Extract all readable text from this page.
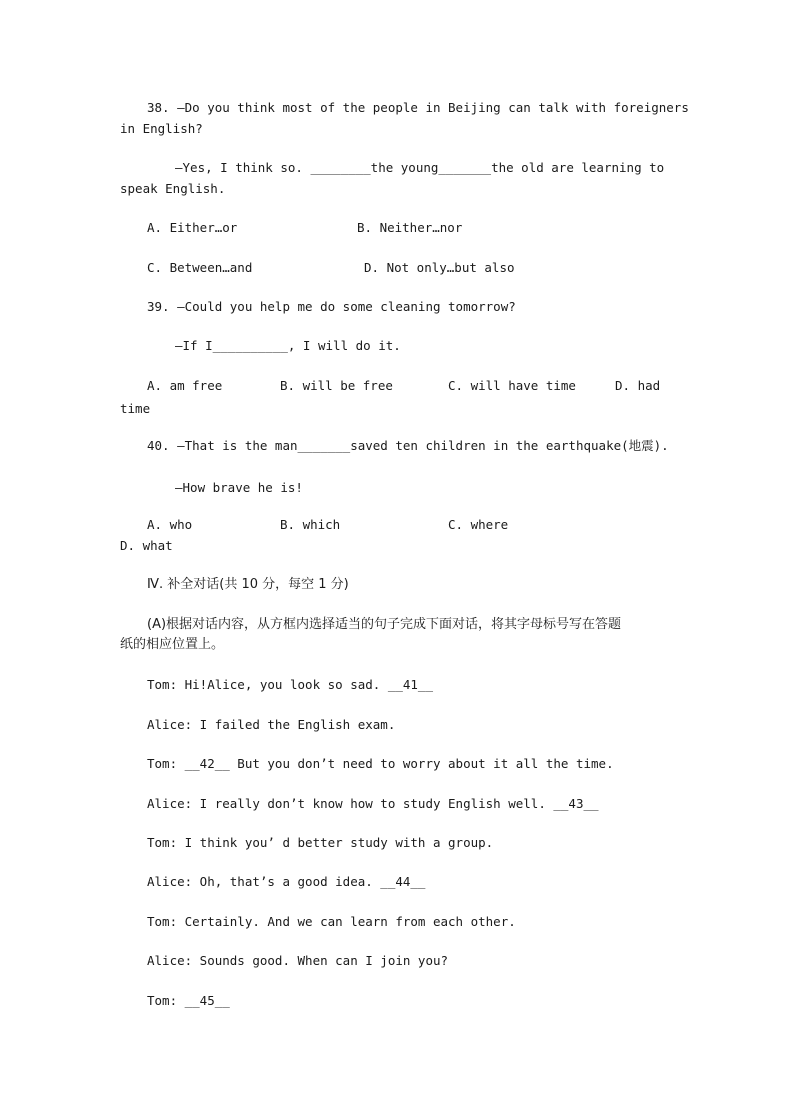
38. —Do you think most of the people in Beijing can talk with foreigners
in English?
—Yes, I think so. ________the young_______the old are learning to
speak English.
A. Either…or	B. Neither…nor
C. Between…and	D. Not only…but also
39. —Could you help me do some cleaning tomorrow?
—If I__________, I will do it.
A. am free	B. will be free	C. will have time	D. had
time
40. —That is the man_______saved ten children in the earthquake(地震).
—How brave he is!
A. who	B. which	C. where
D. what
Ⅳ. 补全对话(共 10 分，每空 1 分)
(A)根据对话内容，从方框内选择适当的句子完成下面对话，将其字母标号写在答题
纸的相应位置上。
Tom: Hi!Alice, you look so sad. __41__
Alice: I failed the English exam.
Tom: __42__ But you don’t need to worry about it all the time.
Alice: I really don’t know how to study English well. __43__
Tom: I think you’ d better study with a group.
Alice: Oh, that’s a good idea. __44__
Tom: Certainly. And we can learn from each other.
Alice: Sounds good. When can I join you?
Tom: __45__
